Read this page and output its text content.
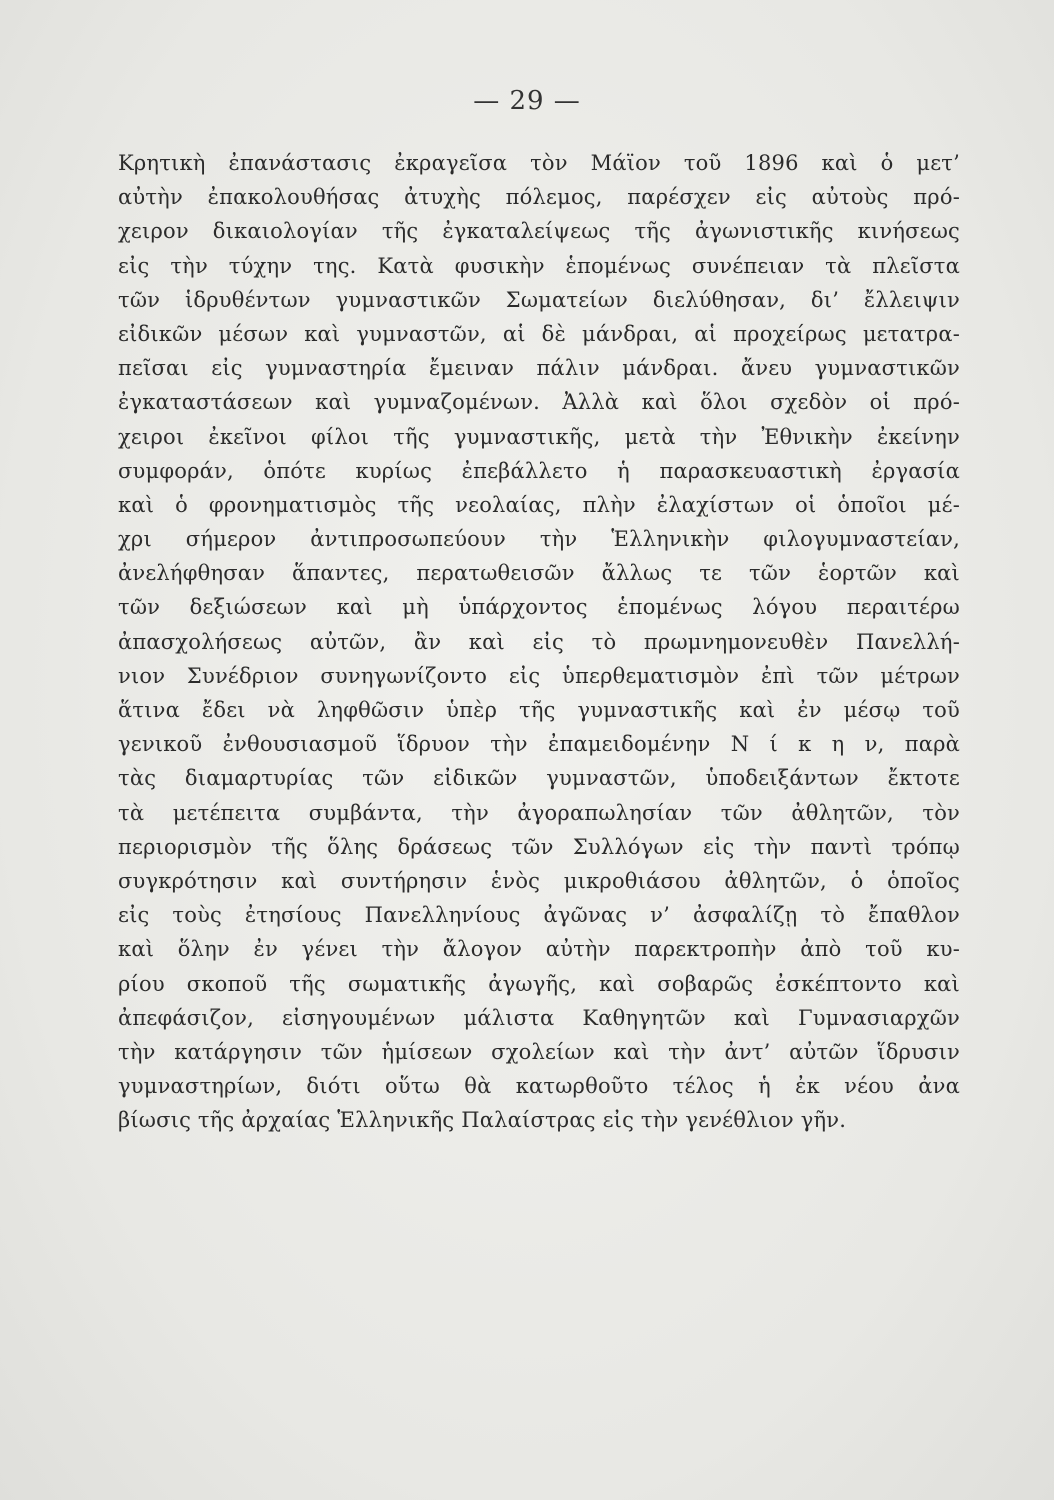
— 29 —
Κρητικὴ ἐπανάστασις ἐκραγεῖσα τὸν Μάϊον τοῦ 1896 καὶ ὁ μετ’
αὐτὴν ἐπακολουθήσας ἀτυχὴς πόλεμος, παρέσχεν εἰς αὐτοὺς πρό-
χειρον δικαιολογίαν τῆς ἐγκαταλείψεως τῆς ἀγωνιστικῆς κινήσεως
εἰς τὴν τύχην της. Κατὰ φυσικὴν ἑπομένως συνέπειαν τὰ πλεῖστα
τῶν ἱδρυθέντων γυμναστικῶν Σωματείων διελύθησαν, δι’ ἔλλειψιν
εἰδικῶν μέσων καὶ γυμναστῶν, αἱ δὲ μάνδραι, αἱ προχείρως μετατρα-
πεῖσαι εἰς γυμναστηρία ἔμειναν πάλιν μάνδραι. ἄνευ γυμναστικῶν
ἐγκαταστάσεων καὶ γυμναζομένων. Ἀλλὰ καὶ ὅλοι σχεδὸν οἱ πρό-
χειροι ἐκεῖνοι φίλοι τῆς γυμναστικῆς, μετὰ τὴν Ἐθνικὴν ἐκείνην
συμφοράν, ὁπότε κυρίως ἐπεβάλλετο ἡ παρασκευαστικὴ ἐργασία
καὶ ὁ φρονηματισμὸς τῆς νεολαίας, πλὴν ἐλαχίστων οἱ ὁποῖοι μέ-
χρι σήμερον ἀντιπροσωπεύουν τὴν Ἑλληνικὴν φιλογυμναστείαν,
ἀνελήφθησαν ἅπαντες, περατωθεισῶν ἄλλως τε τῶν ἑορτῶν καὶ
τῶν δεξιώσεων καὶ μὴ ὑπάρχοντος ἑπομένως λόγου περαιτέρω
ἀπασχολήσεως αὐτῶν, ἂν καὶ εἰς τὸ πρωμνημονευθὲν Πανελλή-
νιον Συνέδριον συνηγωνίζοντο εἰς ὑπερθεματισμὸν ἐπὶ τῶν μέτρων
ἅτινα ἔδει νὰ ληφθῶσιν ὑπὲρ τῆς γυμναστικῆς καὶ ἐν μέσῳ τοῦ
γενικοῦ ἐνθουσιασμοῦ ἵδρυον τὴν ἐπαμειδομένην Ν ί κ η ν, παρὰ
τὰς διαμαρτυρίας τῶν εἰδικῶν γυμναστῶν, ὑποδειξάντων ἔκτοτε
τὰ μετέπειτα συμβάντα, τὴν ἀγοραπωλησίαν τῶν ἀθλητῶν, τὸν
περιορισμὸν τῆς ὅλης δράσεως τῶν Συλλόγων εἰς τὴν παντὶ τρόπῳ
συγκρότησιν καὶ συντήρησιν ἑνὸς μικροθιάσου ἀθλητῶν, ὁ ὁποῖος
εἰς τοὺς ἐτησίους Πανελληνίους ἀγῶνας ν’ ἀσφαλίζῃ τὸ ἔπαθλον
καὶ ὅλην ἐν γένει τὴν ἄλογον αὐτὴν παρεκτροπὴν ἀπὸ τοῦ κυ-
ρίου σκοποῦ τῆς σωματικῆς ἀγωγῆς, καὶ σοβαρῶς ἐσκέπτοντο καὶ
ἀπεφάσιζον, εἰσηγουμένων μάλιστα Καθηγητῶν καὶ Γυμνασιαρχῶν
τὴν κατάργησιν τῶν ἡμίσεων σχολείων καὶ τὴν ἀντ’ αὐτῶν ἵδρυσιν
γυμναστηρίων, διότι οὕτω θὰ κατωρθοῦτο τέλος ἡ ἐκ νέου ἀνα
βίωσις τῆς ἀρχαίας Ἑλληνικῆς Παλαίστρας εἰς τὴν γενέθλιον γῆν.
